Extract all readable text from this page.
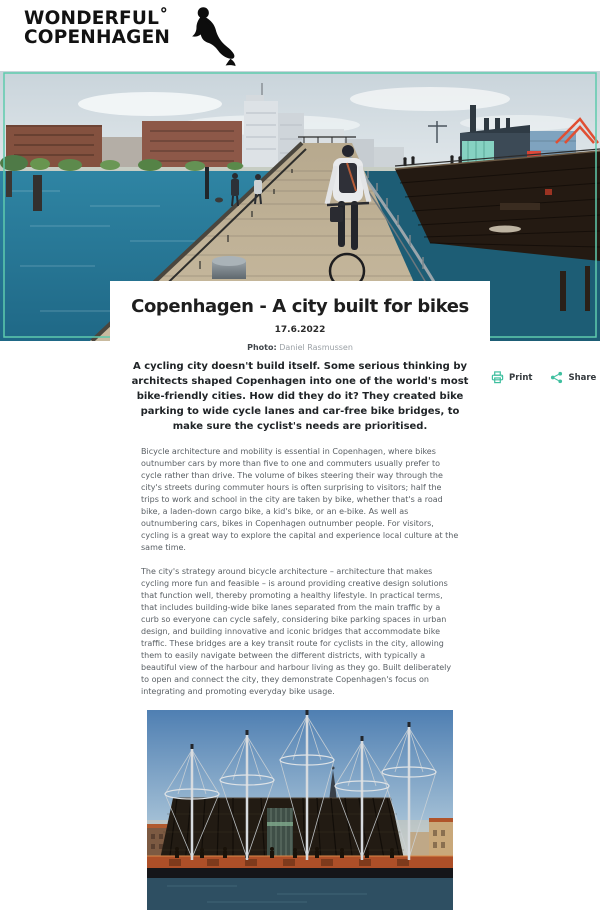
WONDERFUL˚
COPENHAGEN
Print	Share
Copenhagen - A city built for bikes
17.6.2022
Photo: Daniel Rasmussen
A cycling city doesn't build itself. Some serious thinking by architects shaped Copenhagen into one of the world's most bike-friendly cities. How did they do it? They created bike parking to wide cycle lanes and car-free bike bridges, to make sure the cyclist's needs are prioritised.

Bicycle architecture and mobility is essential in Copenhagen, where bikes outnumber cars by more than five to one and commuters usually prefer to cycle rather than drive. The volume of bikes steering their way through the city's streets during commuter hours is often surprising to visitors; half the trips to work and school in the city are taken by bike, whether that's a road bike, a laden-down cargo bike, a kid's bike, or an e-bike. As well as outnumbering cars, bikes in Copenhagen outnumber people. For visitors, cycling is a great way to explore the capital and experience local culture at the same time.

The city's strategy around bicycle architecture – architecture that makes cycling more fun and feasible – is around providing creative design solutions that function well, thereby promoting a healthy lifestyle. In practical terms, that includes building-wide bike lanes separated from the main traffic by a curb so everyone can cycle safely, considering bike parking spaces in urban design, and building innovative and iconic bridges that accommodate bike traffic. These bridges are a key transit route for cyclists in the city, allowing them to easily navigate between the different districts, with typically a beautiful view of the harbour and harbour living as they go. Built deliberately to open and connect the city, they demonstrate Copenhagen's focus on integrating and promoting everyday bike usage.
